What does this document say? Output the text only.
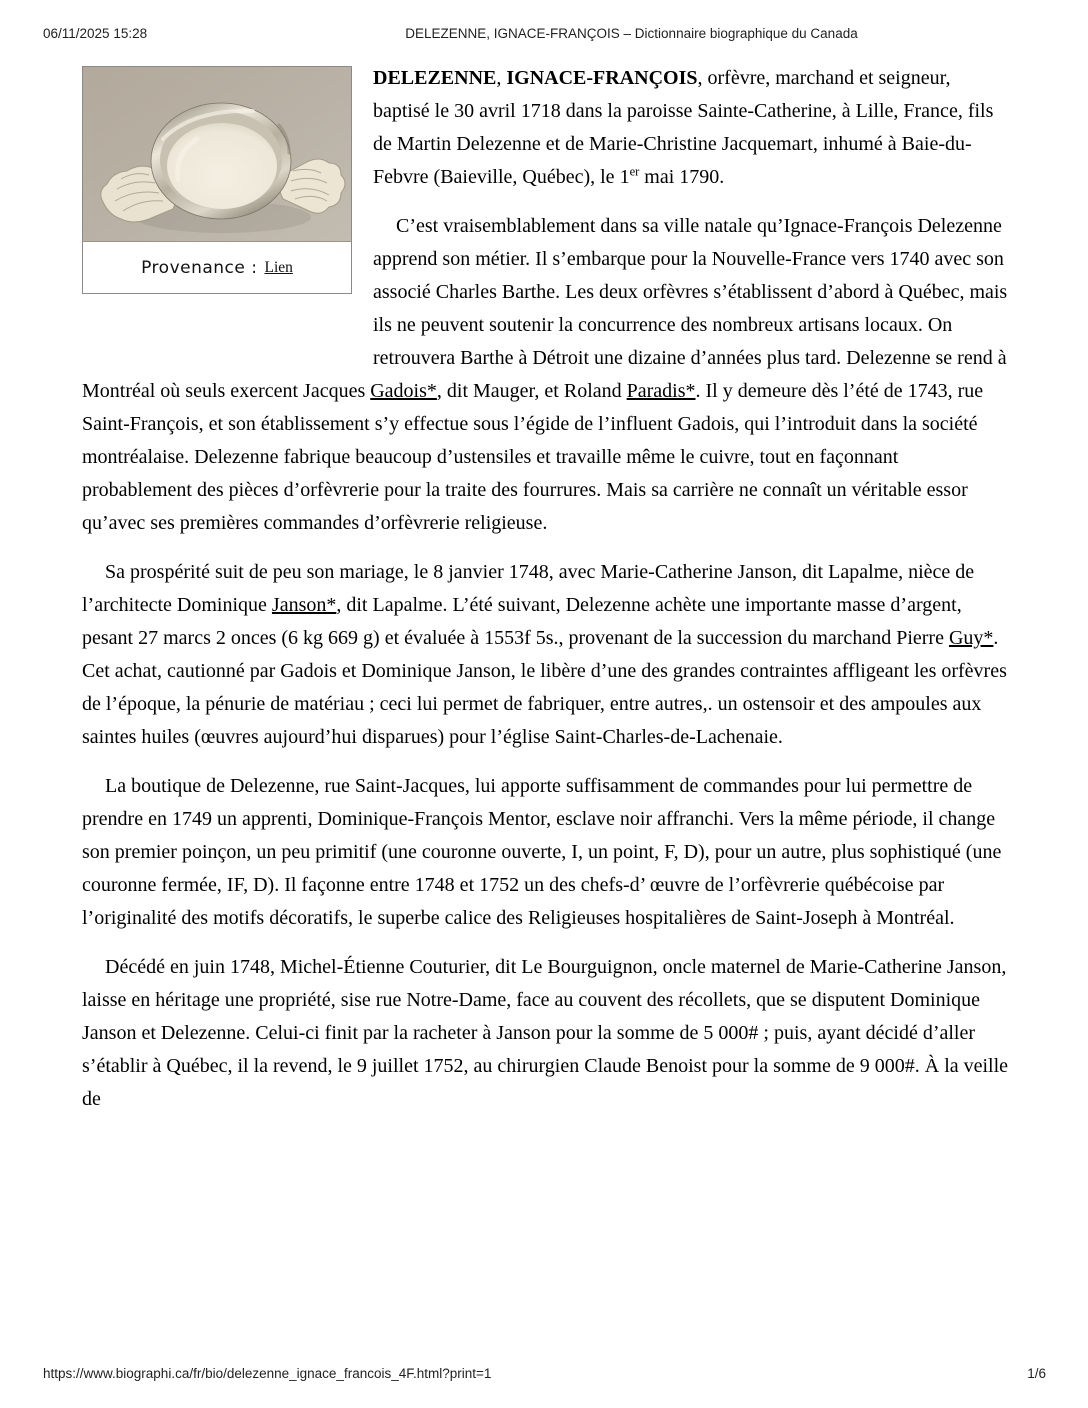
06/11/2025 15:28	DELEZENNE, IGNACE-FRANÇOIS – Dictionnaire biographique du Canada
Provenance : Lien

DELEZENNE, IGNACE-FRANÇOIS, orfèvre, marchand et seigneur, baptisé le 30 avril 1718 dans la paroisse Sainte-Catherine, à Lille, France, fils de Martin Delezenne et de Marie-Christine Jacquemart, inhumé à Baie-du-Febvre (Baieville, Québec), le 1er mai 1790.

C’est vraisemblablement dans sa ville natale qu’Ignace-François Delezenne apprend son métier. Il s’embarque pour la Nouvelle-France vers 1740 avec son associé Charles Barthe. Les deux orfèvres s’établissent d’abord à Québec, mais ils ne peuvent soutenir la concurrence des nombreux artisans locaux. On retrouvera Barthe à Détroit une dizaine d’années plus tard. Delezenne se rend à Montréal où seuls exercent Jacques Gadois*, dit Mauger, et Roland Paradis*. Il y demeure dès l’été de 1743, rue Saint-François, et son établissement s’y effectue sous l’égide de l’influent Gadois, qui l’introduit dans la société montréalaise. Delezenne fabrique beaucoup d’ustensiles et travaille même le cuivre, tout en façonnant probablement des pièces d’orfèvrerie pour la traite des fourrures. Mais sa carrière ne connaît un véritable essor qu’avec ses premières commandes d’orfèvrerie religieuse.

Sa prospérité suit de peu son mariage, le 8 janvier 1748, avec Marie-Catherine Janson, dit Lapalme, nièce de l’architecte Dominique Janson*, dit Lapalme. L’été suivant, Delezenne achète une importante masse d’argent, pesant 27 marcs 2 onces (6 kg 669 g) et évaluée à 1553f 5s., provenant de la succession du marchand Pierre Guy*. Cet achat, cautionné par Gadois et Dominique Janson, le libère d’une des grandes contraintes affligeant les orfèvres de l’époque, la pénurie de matériau ; ceci lui permet de fabriquer, entre autres,. un ostensoir et des ampoules aux saintes huiles (œuvres aujourd’hui disparues) pour l’église Saint-Charles-de-Lachenaie.

La boutique de Delezenne, rue Saint-Jacques, lui apporte suffisamment de commandes pour lui permettre de prendre en 1749 un apprenti, Dominique-François Mentor, esclave noir affranchi. Vers la même période, il change son premier poinçon, un peu primitif (une couronne ouverte, I, un point, F, D), pour un autre, plus sophistiqué (une couronne fermée, IF, D). Il façonne entre 1748 et 1752 un des chefs-d’ œuvre de l’orfèvrerie québécoise par l’originalité des motifs décoratifs, le superbe calice des Religieuses hospitalières de Saint-Joseph à Montréal.

Décédé en juin 1748, Michel-Étienne Couturier, dit Le Bourguignon, oncle maternel de Marie-Catherine Janson, laisse en héritage une propriété, sise rue Notre-Dame, face au couvent des récollets, que se disputent Dominique Janson et Delezenne. Celui-ci finit par la racheter à Janson pour la somme de 5 000# ; puis, ayant décidé d’aller s’établir à Québec, il la revend, le 9 juillet 1752, au chirurgien Claude Benoist pour la somme de 9 000#. À la veille de

https://www.biographi.ca/fr/bio/delezenne_ignace_francois_4F.html?print=1	1/6
